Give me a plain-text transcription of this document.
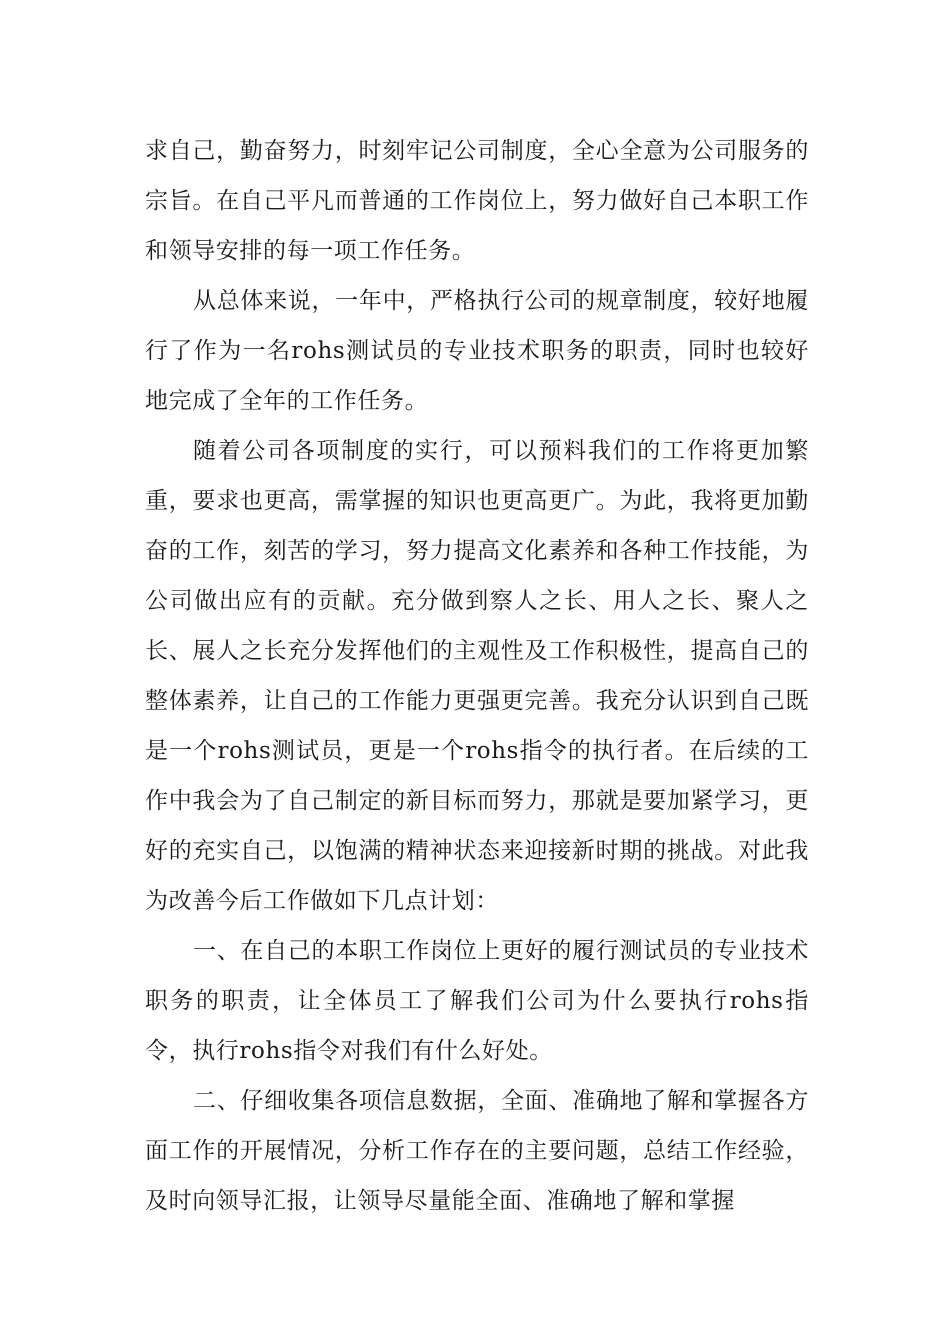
求自己，勤奋努力，时刻牢记公司制度，全心全意为公司服务的宗旨。在自己平凡而普通的工作岗位上，努力做好自己本职工作和领导安排的每一项工作任务。

从总体来说，一年中，严格执行公司的规章制度，较好地履行了作为一名rohs测试员的专业技术职务的职责，同时也较好地完成了全年的工作任务。

随着公司各项制度的实行，可以预料我们的工作将更加繁重，要求也更高，需掌握的知识也更高更广。为此，我将更加勤奋的工作，刻苦的学习，努力提高文化素养和各种工作技能，为公司做出应有的贡献。充分做到察人之长、用人之长、聚人之长、展人之长充分发挥他们的主观性及工作积极性，提高自己的整体素养，让自己的工作能力更强更完善。我充分认识到自己既是一个rohs测试员，更是一个rohs指令的执行者。在后续的工作中我会为了自己制定的新目标而努力，那就是要加紧学习，更好的充实自己，以饱满的精神状态来迎接新时期的挑战。对此我为改善今后工作做如下几点计划：

一、在自己的本职工作岗位上更好的履行测试员的专业技术职务的职责，让全体员工了解我们公司为什么要执行rohs指令，执行rohs指令对我们有什么好处。

二、仔细收集各项信息数据，全面、准确地了解和掌握各方面工作的开展情况，分析工作存在的主要问题，总结工作经验，及时向领导汇报，让领导尽量能全面、准确地了解和掌握
